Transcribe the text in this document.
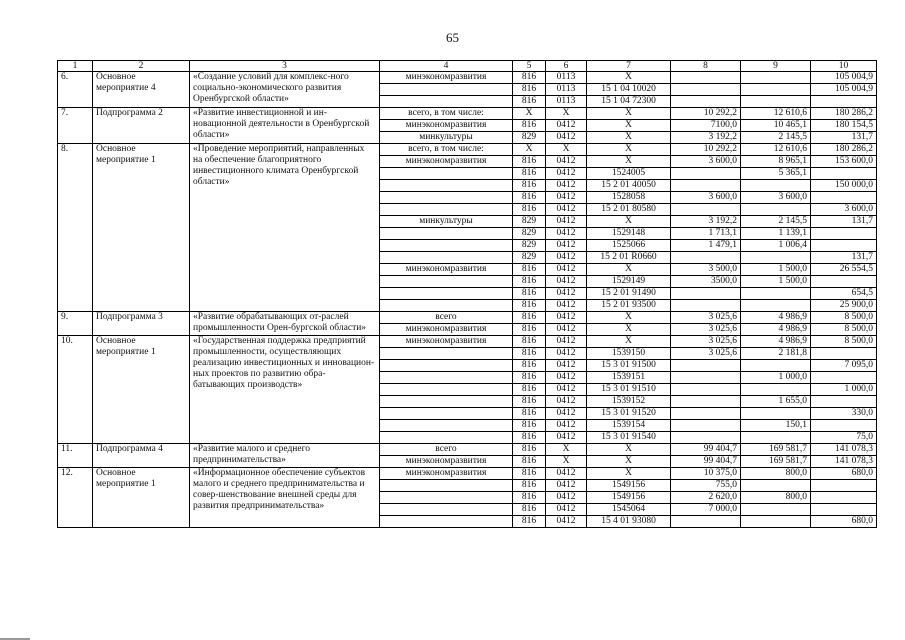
65
1	2	3	4	5	6	7	8	9	10
6.	Основное мероприятие 4	«Создание условий для комплекс-ного социально-экономического развития Оренбургской области»	минэкономразвития	816	0113	X			105 004,9
				816	0113	15 1 04 10020			105 004,9
				816	0113	15 1 04 72300			
7.	Подпрограмма 2	«Развитие инвестиционной и ин-новационной деятельности в Оренбургской области»	всего, в том числе:	X	X	X	10 292,2	12 610,6	180 286,2
			минэкономразвития	816	0412	X	7100,0	10 465,1	180 154,5
			минкультуры	829	0412	X	3 192,2	2 145,5	131,7
8.	Основное мероприятие 1	«Проведение мероприятий, направленных на обеспечение благоприятного инвестиционного климата Оренбургской области»	всего, в том числе:	X	X	X	10 292,2	12 610,6	180 286,2
			минэкономразвития	816	0412	X	3 600,0	8 965,1	153 600,0
				816	0412	1524005		5 365,1	
				816	0412	15 2 01 40050			150 000,0
				816	0412	1528058	3 600,0	3 600,0	
				816	0412	15 2 01 80580			3 600,0
			минкультуры	829	0412	X	3 192,2	2 145,5	131,7
				829	0412	1529148	1 713,1	1 139,1	
				829	0412	1525066	1 479,1	1 006,4	
				829	0412	15 2 01 R0660			131,7
			минэкономразвития	816	0412	X	3 500,0	1 500,0	26 554,5
				816	0412	1529149	3500,0	1 500,0	
				816	0412	15 2 01 91490			654,5
				816	0412	15 2 01 93500			25 900,0
9.	Подпрограмма 3	«Развитие обрабатывающих от-раслей промышленности Орен-бургской области»	всего	816	0412	X	3 025,6	4 986,9	8 500,0
			минэкономразвития	816	0412	X	3 025,6	4 986,9	8 500,0
10.	Основное мероприятие 1	«Государственная поддержка предприятий промышленности, осуществляющих реализацию инвестиционных и инновацион-ных проектов по развитию обра-батывающих производств»	минэкономразвития	816	0412	X	3 025,6	4 986,9	8 500,0
				816	0412	1539150	3 025,6	2 181,8	
				816	0412	15 3 01 91500			7 095,0
				816	0412	1539151		1 000,0	
				816	0412	15 3 01 91510			1 000,0
				816	0412	1539152		1 655,0	
				816	0412	15 3 01 91520			330,0
				816	0412	1539154		150,1	
				816	0412	15 3 01 91540			75,0
11.	Подпрограмма 4	«Развитие малого и среднего предпринимательства»	всего	816	X	X	99 404,7	169 581,7	141 078,3
			минэкономразвития	816	X	X	99 404,7	169 581,7	141 078,3
12.	Основное мероприятие 1	«Информационное обеспечение субъектов малого и среднего предпринимательства и совер-шенствование внешней среды для развития предпринимательства»	минэкономразвития	816	0412	X	10 375,0	800,0	680,0
				816	0412	1549156	755,0		
				816	0412	1549156	2 620,0	800,0	
				816	0412	1545064	7 000,0		
				816	0412	15 4 01 93080			680,0
